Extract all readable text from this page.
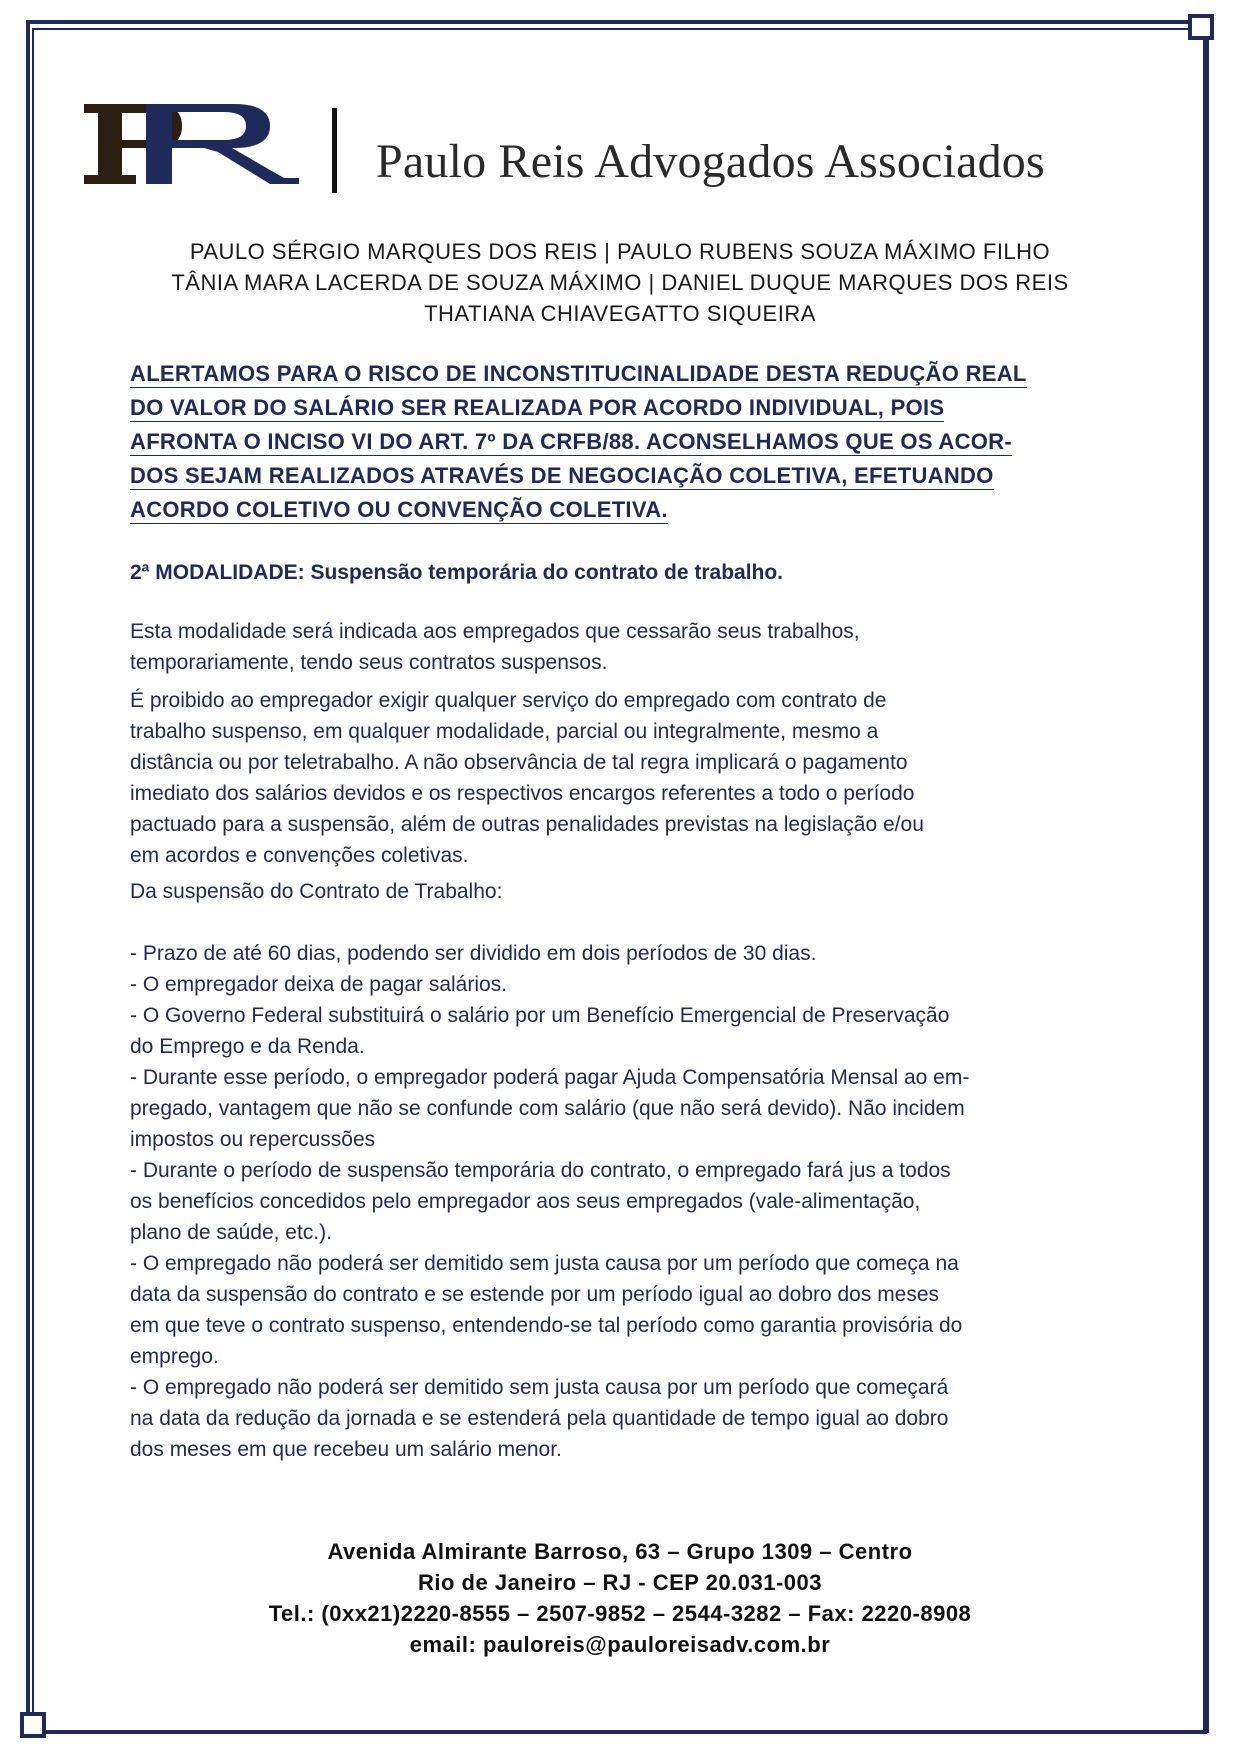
Paulo Reis Advogados Associados
PAULO SÉRGIO MARQUES DOS REIS | PAULO RUBENS SOUZA MÁXIMO FILHO
TÂNIA MARA LACERDA DE SOUZA MÁXIMO | DANIEL DUQUE MARQUES DOS REIS
THATIANA CHIAVEGATTO SIQUEIRA
ALERTAMOS PARA O RISCO DE INCONSTITUCINALIDADE DESTA REDUÇÃO REAL
DO VALOR DO SALÁRIO SER REALIZADA POR ACORDO INDIVIDUAL, POIS
AFRONTA O INCISO VI DO ART. 7º DA CRFB/88. ACONSELHAMOS QUE OS ACOR-
DOS SEJAM REALIZADOS ATRAVÉS DE NEGOCIAÇÃO COLETIVA, EFETUANDO
ACORDO COLETIVO OU CONVENÇÃO COLETIVA.
2ª MODALIDADE: Suspensão temporária do contrato de trabalho.
Esta modalidade será indicada aos empregados que cessarão seus trabalhos,
temporariamente, tendo seus contratos suspensos.
É proibido ao empregador exigir qualquer serviço do empregado com contrato de
trabalho suspenso, em qualquer modalidade, parcial ou integralmente, mesmo a
distância ou por teletrabalho. A não observância de tal regra implicará o pagamento
imediato dos salários devidos e os respectivos encargos referentes a todo o período
pactuado para a suspensão, além de outras penalidades previstas na legislação e/ou
em acordos e convenções coletivas.
Da suspensão do Contrato de Trabalho:
- Prazo de até 60 dias, podendo ser dividido em dois períodos de 30 dias.
- O empregador deixa de pagar salários.
- O Governo Federal substituirá o salário por um Benefício Emergencial de Preservação
do Emprego e da Renda.
- Durante esse período, o empregador poderá pagar Ajuda Compensatória Mensal ao em-
pregado, vantagem que não se confunde com salário (que não será devido). Não incidem
impostos ou repercussões
- Durante o período de suspensão temporária do contrato, o empregado fará jus a todos
os benefícios concedidos pelo empregador aos seus empregados (vale-alimentação,
plano de saúde, etc.).
- O empregado não poderá ser demitido sem justa causa por um período que começa na
data da suspensão do contrato e se estende por um período igual ao dobro dos meses
em que teve o contrato suspenso, entendendo-se tal período como garantia provisória do
emprego.
- O empregado não poderá ser demitido sem justa causa por um período que começará
na data da redução da jornada e se estenderá pela quantidade de tempo igual ao dobro
dos meses em que recebeu um salário menor.
Avenida Almirante Barroso, 63 – Grupo 1309 – Centro
Rio de Janeiro – RJ - CEP 20.031-003
Tel.: (0xx21)2220-8555 – 2507-9852 – 2544-3282 – Fax: 2220-8908
email: pauloreis@pauloreisadv.com.br
